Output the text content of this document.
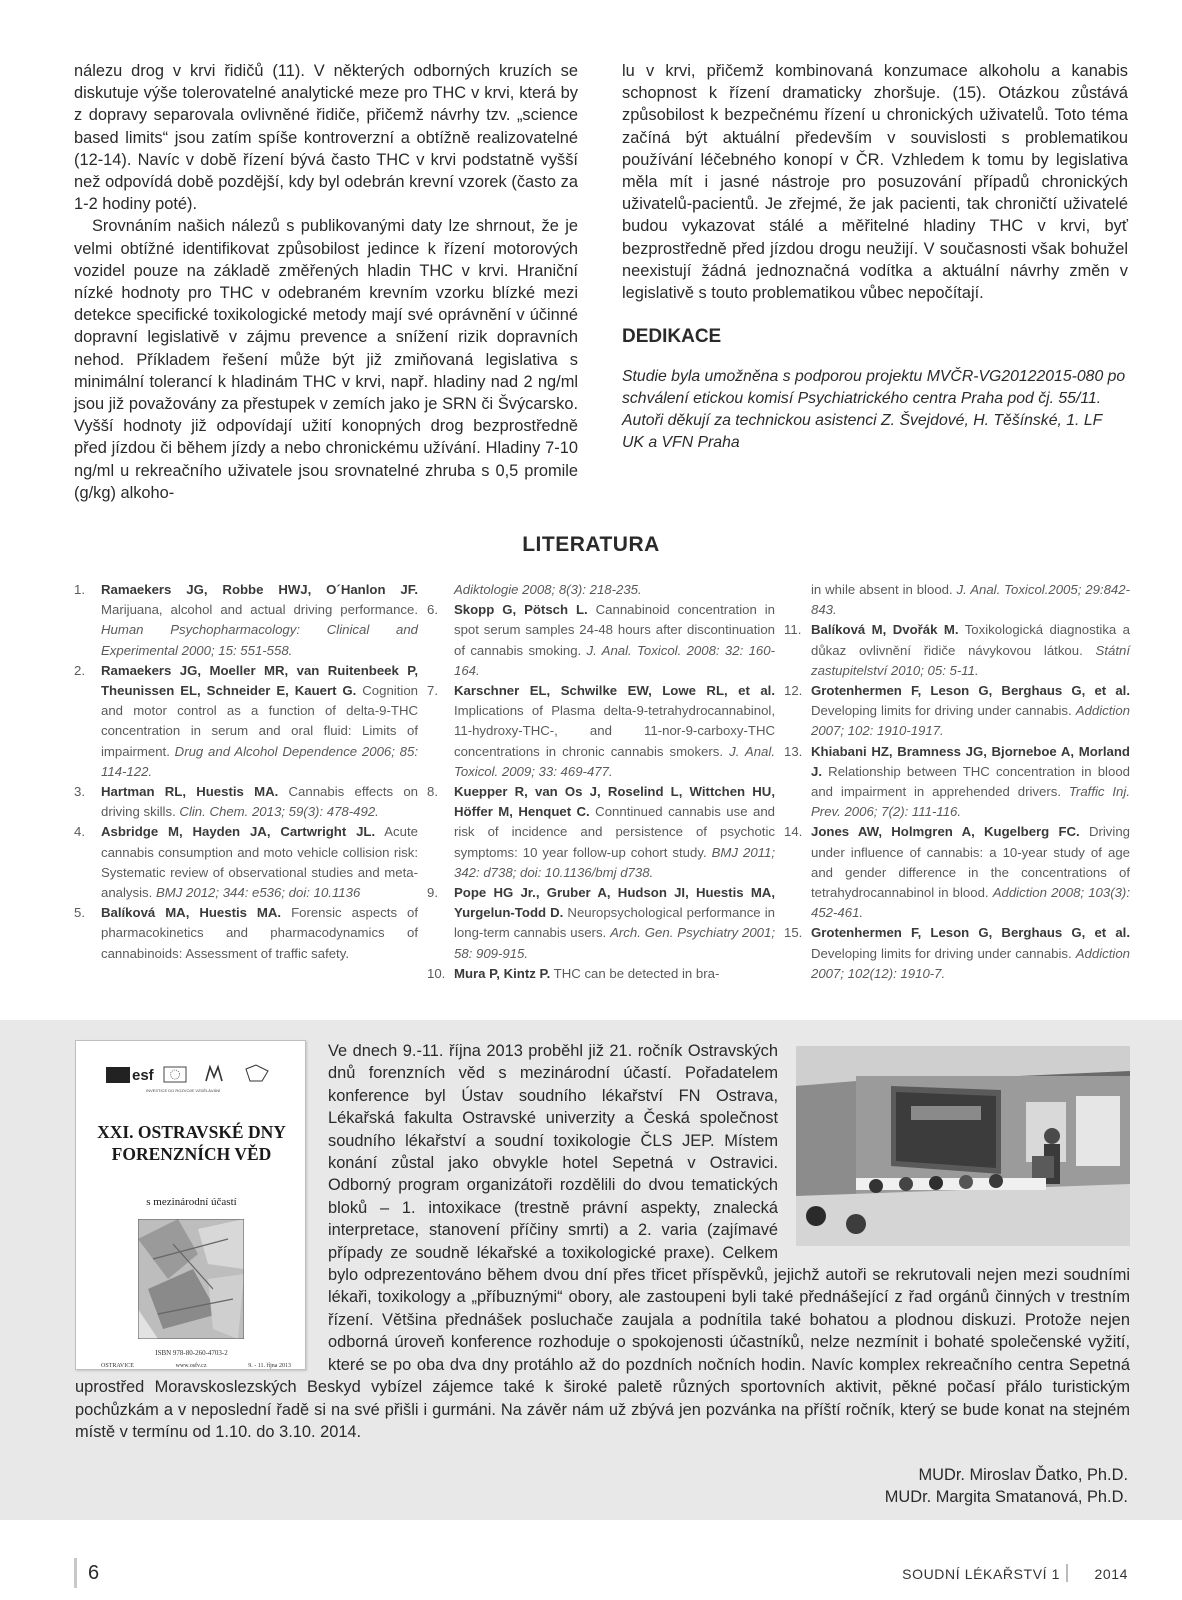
nálezu drog v krvi řidičů (11). V některých odborných kruzích se diskutuje výše tolerovatelné analytické meze pro THC v krvi, která by z dopravy separovala ovlivněné řidiče, přičemž návrhy tzv. „science based limits“ jsou zatím spíše kontroverzní a obtížně realizovatelné (12-14). Navíc v době řízení bývá často THC v krvi podstatně vyšší než odpovídá době pozdější, kdy byl odebrán krevní vzorek (často za 1-2 hodiny poté).

Srovnáním našich nálezů s publikovanými daty lze shrnout, že je velmi obtížné identifikovat způsobilost jedince k řízení motorových vozidel pouze na základě změřených hladin THC v krvi. Hraniční nízké hodnoty pro THC v odebraném krevním vzorku blízké mezi detekce specifické toxikologické metody mají své oprávnění v účinné dopravní legislativě v zájmu prevence a snížení rizik dopravních nehod. Příkladem řešení může být již zmiňovaná legislativa s minimální tolerancí k hladinám THC v krvi, např. hladiny nad 2 ng/ml jsou již považovány za přestupek v zemích jako je SRN či Švýcarsko. Vyšší hodnoty již odpovídají užití konopných drog bezprostředně před jízdou či během jízdy a nebo chronickému užívání. Hladiny 7-10 ng/ml u rekreačního uživatele jsou srovnatelné zhruba s 0,5 promile (g/kg) alkoho-

lu v krvi, přičemž kombinovaná konzumace alkoholu a kanabis schopnost k řízení dramaticky zhoršuje. (15). Otázkou zůstává způsobilost k bezpečnému řízení u chronických uživatelů. Toto téma začíná být aktuální především v souvislosti s problematikou používání léčebného konopí v ČR. Vzhledem k tomu by legislativa měla mít i jasné nástroje pro posuzování případů chronických uživatelů-pacientů. Je zřejmé, že jak pacienti, tak chroničtí uživatelé budou vykazovat stálé a měřitelné hladiny THC v krvi, byť bezprostředně před jízdou drogu neužijí. V současnosti však bohužel neexistují žádná jednoznačná vodítka a aktuální návrhy změn v legislativě s touto problematikou vůbec nepočítají.

DEDIKACE

Studie byla umožněna s podporou projektu MVČR-VG20122015-080 po schválení etickou komisí Psychiatrického centra Praha pod čj. 55/11.

Autoři děkují za technickou asistenci Z. Švejdové, H. Těšínské, 1. LF UK a VFN Praha

LITERATURA
1.	Ramaekers JG, Robbe HWJ, O´Hanlon JF. Marijuana, alcohol and actual driving performance. Human Psychopharmacology: Clinical and Experimental 2000; 15: 551-558.
2.	Ramaekers JG, Moeller MR, van Ruitenbeek P, Theunissen EL, Schneider E, Kauert G. Cognition and motor control as a function of delta-9-THC concentration in serum and oral fluid: Limits of impairment. Drug and Alcohol Dependence 2006; 85: 114-122.
3.	Hartman RL, Huestis MA. Cannabis effects on driving skills. Clin. Chem. 2013; 59(3): 478-492.
4.	Asbridge M, Hayden JA, Cartwright JL. Acute cannabis consumption and moto vehicle collision risk: Systematic review of observational studies and meta-analysis. BMJ 2012; 344: e536; doi: 10.1136
5.	Balíková MA, Huestis MA. Forensic aspects of pharmacokinetics and pharmacodynamics of cannabinoids: Assessment of traffic safety.
Adiktologie 2008; 8(3): 218-235.
6.	Skopp G, Pötsch L. Cannabinoid concentration in spot serum samples 24-48 hours after discontinuation of cannabis smoking. J. Anal. Toxicol. 2008: 32: 160-164.
7.	Karschner EL, Schwilke EW, Lowe RL, et al. Implications of Plasma delta-9-tetrahydrocannabinol, 11-hydroxy-THC-, and 11-nor-9-carboxy-THC concentrations in chronic cannabis smokers. J. Anal. Toxicol. 2009; 33: 469-477.
8.	Kuepper R, van Os J, Roselind L, Wittchen HU, Höffer M, Henquet C. Conntinued cannabis use and risk of incidence and persistence of psychotic symptoms: 10 year follow-up cohort study. BMJ 2011; 342: d738; doi: 10.1136/bmj d738.
9.	Pope HG Jr., Gruber A, Hudson JI, Huestis MA, Yurgelun-Todd D. Neuropsychological performance in long-term cannabis users. Arch. Gen. Psychiatry 2001; 58: 909-915.
10. Mura P, Kintz P. THC can be detected in bra-
in while absent in blood. J. Anal. Toxicol.2005; 29:842-843.
11. Balíková M, Dvořák M. Toxikologická diagnostika a důkaz ovlivnění řidiče návykovou látkou. Státní zastupitelství 2010; 05: 5-11.
12. Grotenhermen F, Leson G, Berghaus G, et al. Developing limits for driving under cannabis. Addiction 2007; 102: 1910-1917.
13. Khiabani HZ, Bramness JG, Bjorneboe A, Morland J. Relationship between THC concentration in blood and impairment in apprehended drivers. Traffic Inj. Prev. 2006; 7(2): 111-116.
14. Jones AW, Holmgren A, Kugelberg FC. Driving under influence of cannabis: a 10-year study of age and gender difference in the concentrations of tetrahydrocannabinol in blood. Addiction 2008; 103(3): 452-461.
15. Grotenhermen F, Leson G, Berghaus G, et al. Developing limits for driving under cannabis. Addiction 2007; 102(12): 1910-7.
esf
INVESTICE DO ROZVOJE VZDĚLÁVÁNÍ
XXI. OSTRAVSKÉ DNY FORENZNÍCH VĚD
s mezinárodní účastí
ISBN 978-80-260-4703-2
OSTRAVICE	www.osfv.cz	9. - 11. října 2013
Ve dnech 9.-11. října 2013 proběhl již 21. ročník Ostravských dnů forenzních věd s mezinárodní účastí. Pořadatelem konference byl Ústav soudního lékařství FN Ostrava, Lékařská fakulta Ostravské univerzity a Česká společnost soudního lékařství a soudní toxikologie ČLS JEP. Místem konání zůstal jako obvykle hotel Sepetná v Ostravici. Odborný program organizátoři rozdělili do dvou tematických bloků – 1. intoxikace (trestně právní aspekty, znalecká interpretace, stanovení příčiny smrti) a 2. varia (zajímavé případy ze soudně lékařské a toxikologické praxe). Celkem bylo odprezentováno během dvou dní přes třicet příspěvků, jejichž autoři se rekrutovali nejen mezi soudními lékaři, toxikology a „příbuznými“ obory, ale zastoupeni byli také přednášející z řad orgánů činných v trestním řízení. Většina přednášek posluchače zaujala a podnítila také bohatou a plodnou diskuzi. Protože nejen odborná úroveň konference rozhoduje o spokojenosti účastníků, nelze nezmínit i bohaté společenské vyžití, které se po oba dva dny protáhlo až do pozdních nočních hodin. Navíc komplex rekreačního centra Sepetná uprostřed Moravskoslezských Beskyd vybízel zájemce také k široké paletě různých sportovních aktivit, pěkné počasí přálo turistickým pochůzkám a v neposlední řadě si na své přišli i gurmáni. Na závěr nám už zbývá jen pozvánka na příští ročník, který se bude konat na stejném místě v termínu od 1.10. do 3.10. 2014.
MUDr. Miroslav Ďatko, Ph.D.
MUDr. Margita Smatanová, Ph.D.
6	SOUDNÍ LÉKAŘSTVÍ 1 2014
